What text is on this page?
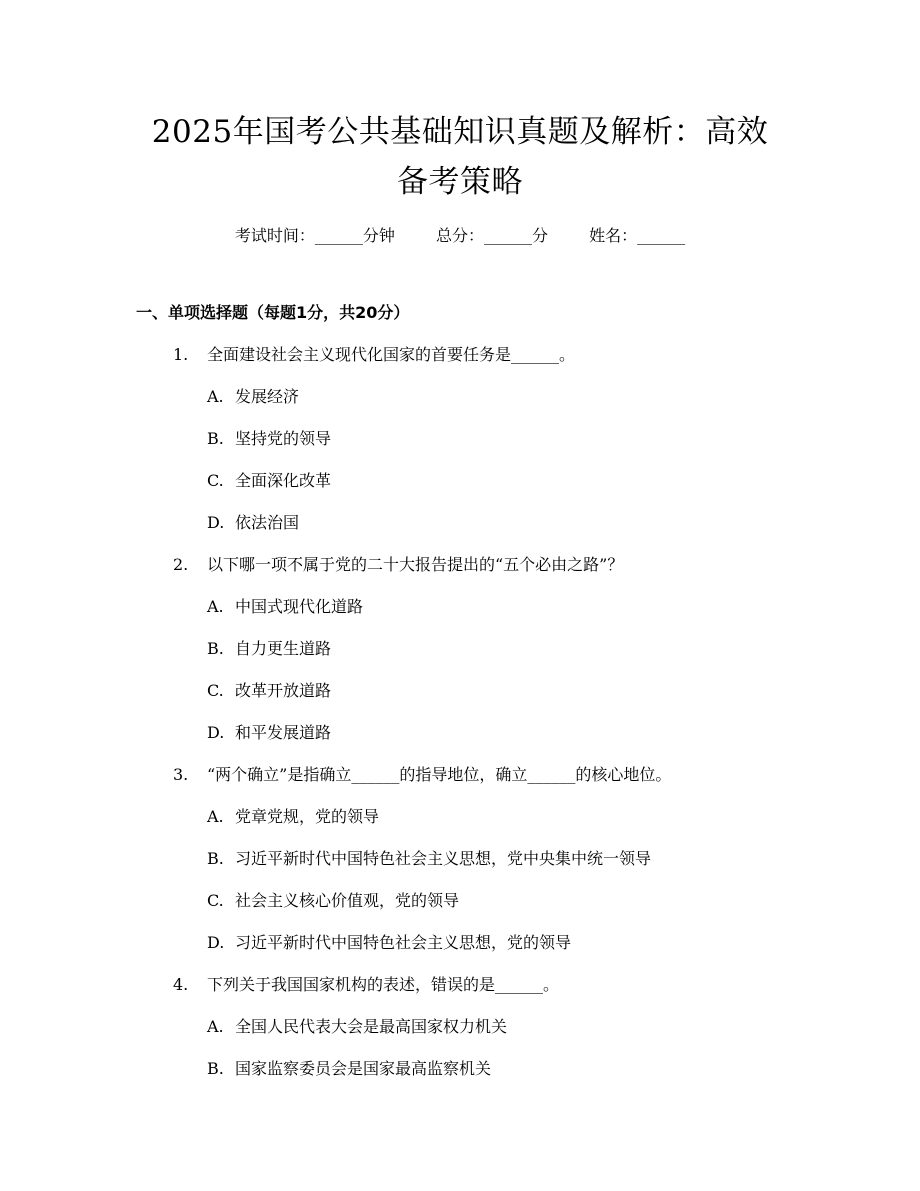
2025年国考公共基础知识真题及解析：高效
备考策略
考试时间：______分钟	总分：______分	姓名：______
一、单项选择题（每题1分，共20分）
1. 全面建设社会主义现代化国家的首要任务是______。
A. 发展经济
B. 坚持党的领导
C. 全面深化改革
D. 依法治国
2. 以下哪一项不属于党的二十大报告提出的“五个必由之路”？
A. 中国式现代化道路
B. 自力更生道路
C. 改革开放道路
D. 和平发展道路
3. “两个确立”是指确立______的指导地位，确立______的核心地位。
A. 党章党规，党的领导
B. 习近平新时代中国特色社会主义思想，党中央集中统一领导
C. 社会主义核心价值观，党的领导
D. 习近平新时代中国特色社会主义思想，党的领导
4. 下列关于我国国家机构的表述，错误的是______。
A. 全国人民代表大会是最高国家权力机关
B. 国家监察委员会是国家最高监察机关
